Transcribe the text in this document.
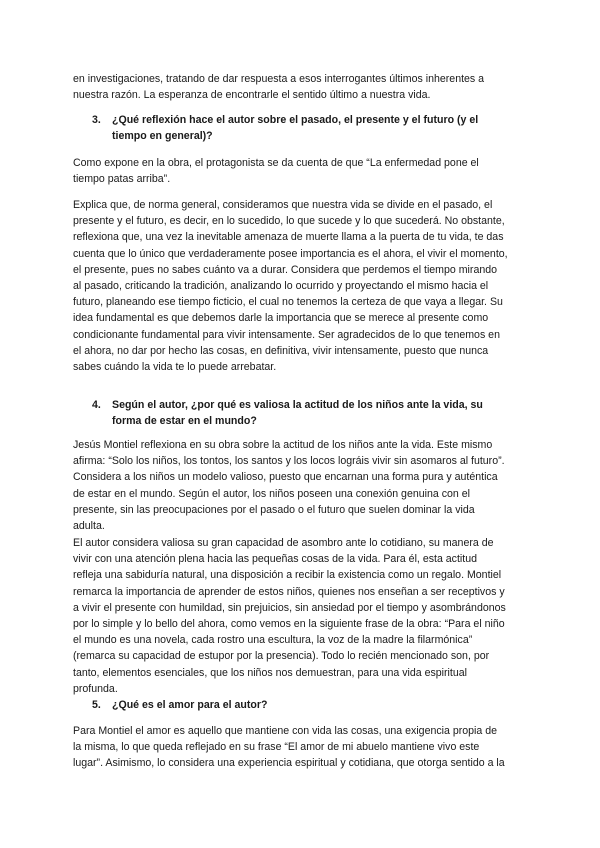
en investigaciones, tratando de dar respuesta a esos interrogantes últimos inherentes a
nuestra razón. La esperanza de encontrarle el sentido último a nuestra vida.
3. ¿Qué reflexión hace el autor sobre el pasado, el presente y el futuro (y el
tiempo en general)?
Como expone en la obra, el protagonista se da cuenta de que “La enfermedad pone el
tiempo patas arriba”.
Explica que, de norma general, consideramos que nuestra vida se divide en el pasado, el
presente y el futuro, es decir, en lo sucedido, lo que sucede y lo que sucederá. No obstante,
reflexiona que, una vez la inevitable amenaza de muerte llama a la puerta de tu vida, te das
cuenta que lo único que verdaderamente posee importancia es el ahora, el vivir el momento,
el presente, pues no sabes cuánto va a durar. Considera que perdemos el tiempo mirando
al pasado, criticando la tradición, analizando lo ocurrido y proyectando el mismo hacia el
futuro, planeando ese tiempo ficticio, el cual no tenemos la certeza de que vaya a llegar. Su
idea fundamental es que debemos darle la importancia que se merece al presente como
condicionante fundamental para vivir intensamente. Ser agradecidos de lo que tenemos en
el ahora, no dar por hecho las cosas, en definitiva, vivir intensamente, puesto que nunca
sabes cuándo la vida te lo puede arrebatar.
4. Según el autor, ¿por qué es valiosa la actitud de los niños ante la vida, su
forma de estar en el mundo?
Jesús Montiel reflexiona en su obra sobre la actitud de los niños ante la vida. Este mismo
afirma: “Solo los niños, los tontos, los santos y los locos lográis vivir sin asomaros al futuro”.
Considera a los niños un modelo valioso, puesto que encarnan una forma pura y auténtica
de estar en el mundo. Según el autor, los niños poseen una conexión genuina con el
presente, sin las preocupaciones por el pasado o el futuro que suelen dominar la vida
adulta.
El autor considera valiosa su gran capacidad de asombro ante lo cotidiano, su manera de
vivir con una atención plena hacia las pequeñas cosas de la vida. Para él, esta actitud
refleja una sabiduría natural, una disposición a recibir la existencia como un regalo. Montiel
remarca la importancia de aprender de estos niños, quienes nos enseñan a ser receptivos y
a vivir el presente con humildad, sin prejuicios, sin ansiedad por el tiempo y asombrándonos
por lo simple y lo bello del ahora, como vemos en la siguiente frase de la obra: “Para el niño
el mundo es una novela, cada rostro una escultura, la voz de la madre la filarmónica”
(remarca su capacidad de estupor por la presencia). Todo lo recién mencionado son, por
tanto, elementos esenciales, que los niños nos demuestran, para una vida espiritual
profunda.
5. ¿Qué es el amor para el autor?
Para Montiel el amor es aquello que mantiene con vida las cosas, una exigencia propia de
la misma, lo que queda reflejado en su frase “El amor de mi abuelo mantiene vivo este
lugar”. Asimismo, lo considera una experiencia espiritual y cotidiana, que otorga sentido a la
